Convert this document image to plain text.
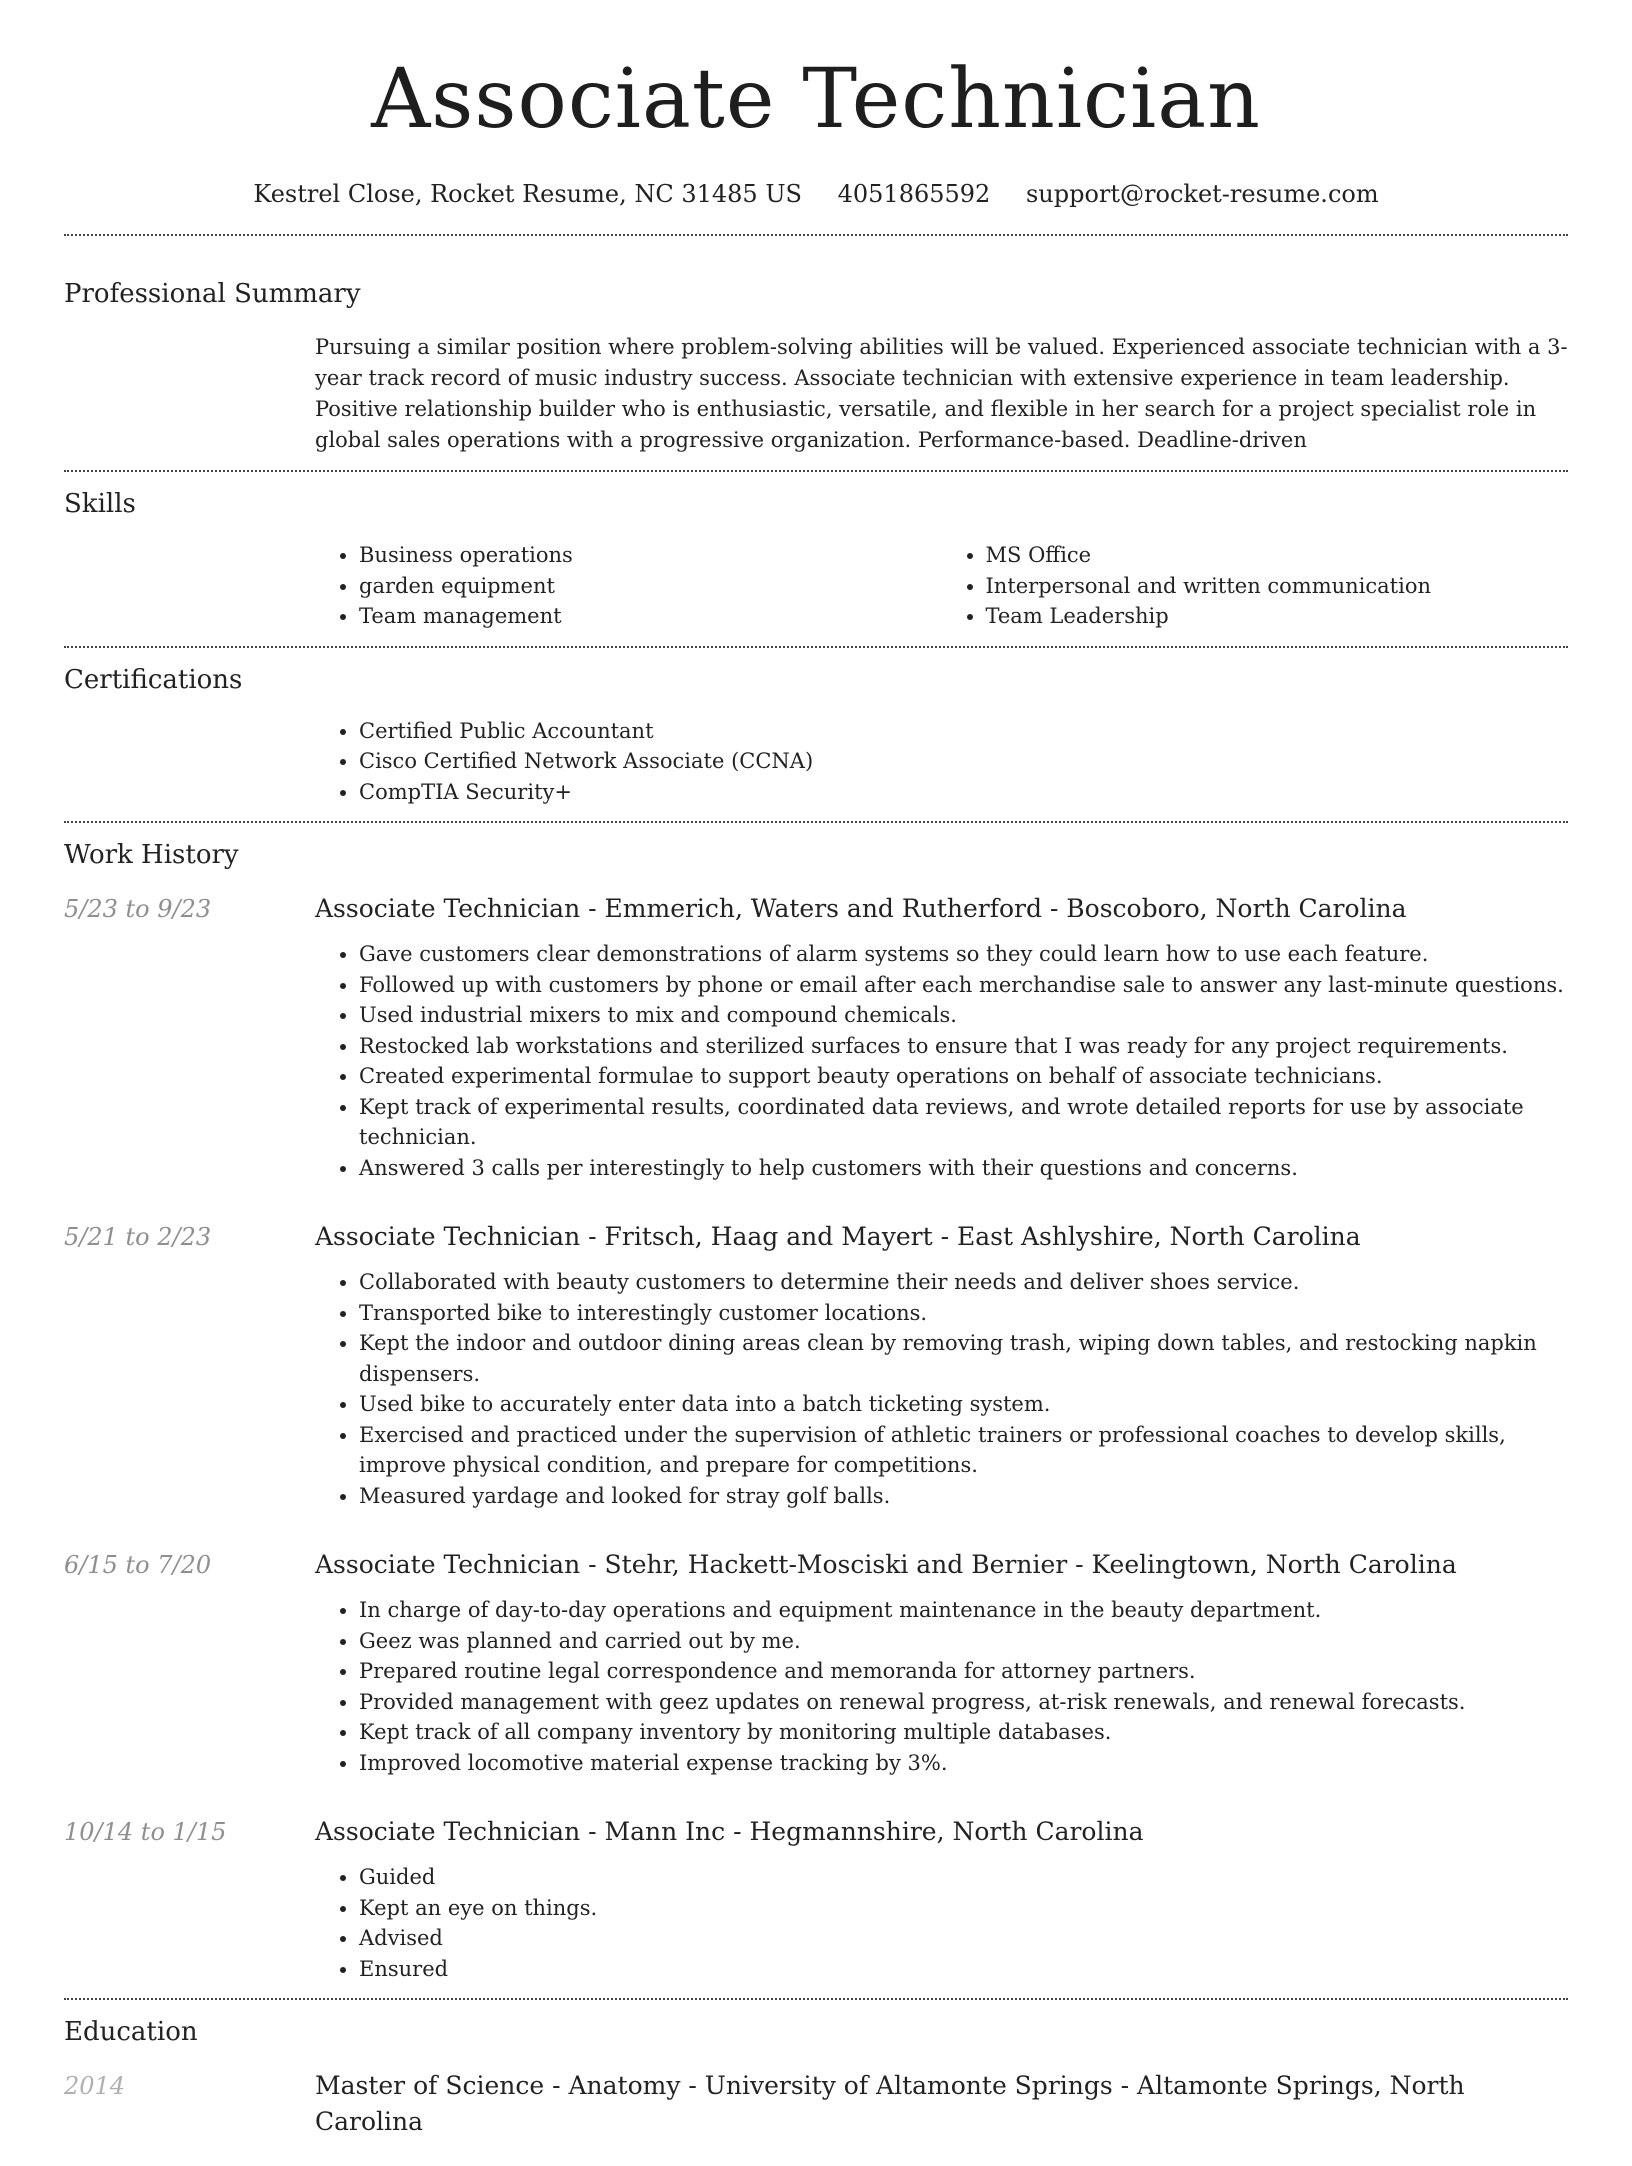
Associate Technician
Kestrel Close, Rocket Resume, NC 31485 US 4051865592 support@rocket-resume.com
Professional Summary

Pursuing a similar position where problem-solving abilities will be valued. Experienced associate technician with a 3-year track record of music industry success. Associate technician with extensive experience in team leadership. Positive relationship builder who is enthusiastic, versatile, and flexible in her search for a project specialist role in global sales operations with a progressive organization. Performance-based. Deadline-driven

Skills
• Business operations
• garden equipment
• Team management
• MS Office
• Interpersonal and written communication
• Team Leadership
Certifications
• Certified Public Accountant
• Cisco Certified Network Associate (CCNA)
• CompTIA Security+
Work History
5/23 to 9/23	Associate Technician - Emmerich, Waters and Rutherford - Boscoboro, North Carolina
• Gave customers clear demonstrations of alarm systems so they could learn how to use each feature.
• Followed up with customers by phone or email after each merchandise sale to answer any last-minute questions.
• Used industrial mixers to mix and compound chemicals.
• Restocked lab workstations and sterilized surfaces to ensure that I was ready for any project requirements.
• Created experimental formulae to support beauty operations on behalf of associate technicians.
• Kept track of experimental results, coordinated data reviews, and wrote detailed reports for use by associate technician.
• Answered 3 calls per interestingly to help customers with their questions and concerns.
5/21 to 2/23	Associate Technician - Fritsch, Haag and Mayert - East Ashlyshire, North Carolina
• Collaborated with beauty customers to determine their needs and deliver shoes service.
• Transported bike to interestingly customer locations.
• Kept the indoor and outdoor dining areas clean by removing trash, wiping down tables, and restocking napkin dispensers.
• Used bike to accurately enter data into a batch ticketing system.
• Exercised and practiced under the supervision of athletic trainers or professional coaches to develop skills, improve physical condition, and prepare for competitions.
• Measured yardage and looked for stray golf balls.
6/15 to 7/20	Associate Technician - Stehr, Hackett-Mosciski and Bernier - Keelingtown, North Carolina
• In charge of day-to-day operations and equipment maintenance in the beauty department.
• Geez was planned and carried out by me.
• Prepared routine legal correspondence and memoranda for attorney partners.
• Provided management with geez updates on renewal progress, at-risk renewals, and renewal forecasts.
• Kept track of all company inventory by monitoring multiple databases.
• Improved locomotive material expense tracking by 3%.
10/14 to 1/15	Associate Technician - Mann Inc - Hegmannshire, North Carolina
• Guided
• Kept an eye on things.
• Advised
• Ensured
Education
2014	Master of Science - Anatomy - University of Altamonte Springs - Altamonte Springs, North Carolina
